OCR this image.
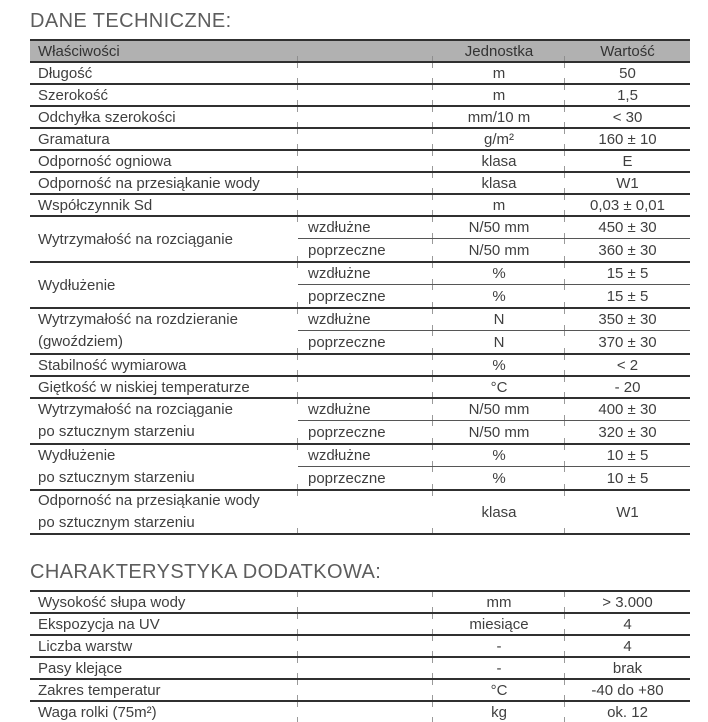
DANE TECHNICZNE:
Właściwości	Jednostka	Wartość
Długość	m	50
Szerokość	m	1,5
Odchyłka szerokości	mm/10 m	< 30
Gramatura	g/m²	160 ± 10
Odporność ogniowa	klasa	E
Odporność na przesiąkanie wody	klasa	W1
Współczynnik Sd	m	0,03 ± 0,01
Wytrzymałość na rozciąganie
wzdłużne	N/50 mm	450 ± 30
poprzeczne	N/50 mm	360 ± 30
Wydłużenie
wzdłużne	%	15 ± 5
poprzeczne	%	15 ± 5
Wytrzymałość na rozdzieranie
(gwoździem)
wzdłużne	N	350 ± 30
poprzeczne	N	370 ± 30
Stabilność wymiarowa	%	< 2
Giętkość w niskiej temperaturze	°C	- 20
Wytrzymałość na rozciąganie
po sztucznym starzeniu
wzdłużne	N/50 mm	400 ± 30
poprzeczne	N/50 mm	320 ± 30
Wydłużenie
po sztucznym starzeniu
wzdłużne	%	10 ± 5
poprzeczne	%	10 ± 5
Odporność na przesiąkanie wody
po sztucznym starzeniu
klasa	W1
CHARAKTERYSTYKA DODATKOWA:
Wysokość słupa wody	mm	> 3.000
Ekspozycja na UV	miesiące	4
Liczba warstw	-	4
Pasy klejące	-	brak
Zakres temperatur	°C	-40 do +80
Waga rolki (75m²)	kg	ok. 12
